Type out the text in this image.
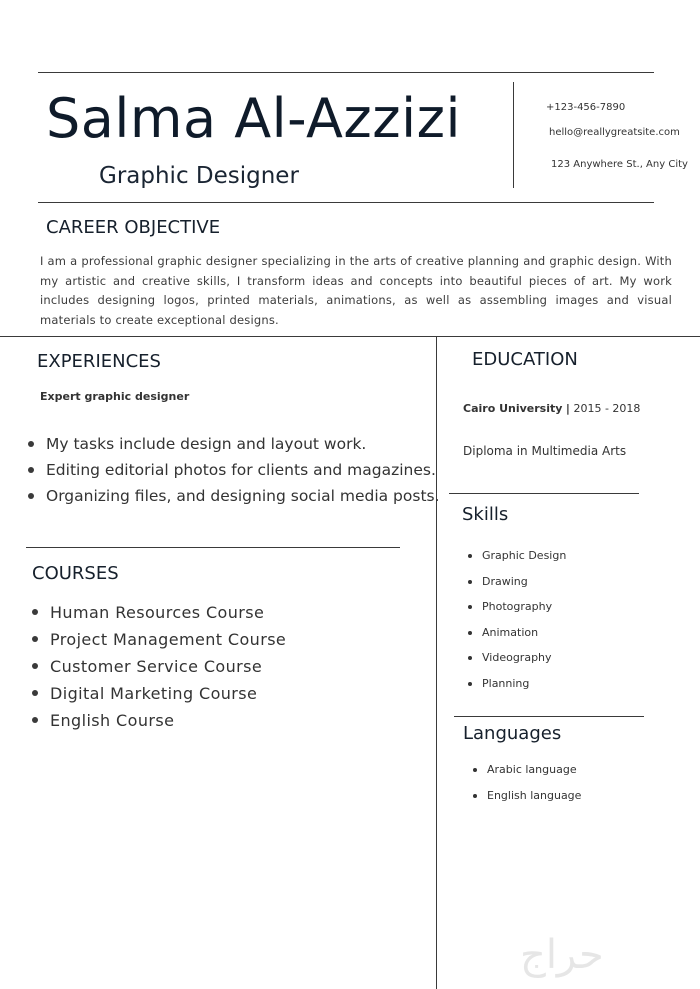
Salma Al-Azzizi
Graphic Designer
+123-456-7890
hello@reallygreatsite.com
123 Anywhere St., Any City
CAREER OBJECTIVE
I am a professional graphic designer specializing in the arts of creative planning and graphic design. With my artistic and creative skills, I transform ideas and concepts into beautiful pieces of art. My work includes designing logos, printed materials, animations, as well as assembling images and visual materials to create exceptional designs.
EXPERIENCES
Expert graphic designer
My tasks include design and layout work.
Editing editorial photos for clients and magazines.
Organizing files, and designing social media posts.
COURSES
Human Resources Course
Project Management Course
Customer Service Course
Digital Marketing Course
English Course
EDUCATION
Cairo University | 2015 - 2018
Diploma in Multimedia Arts
Skills
Graphic Design
Drawing
Photography
Animation
Videography
Planning
Languages
Arabic language
English language
حراج
